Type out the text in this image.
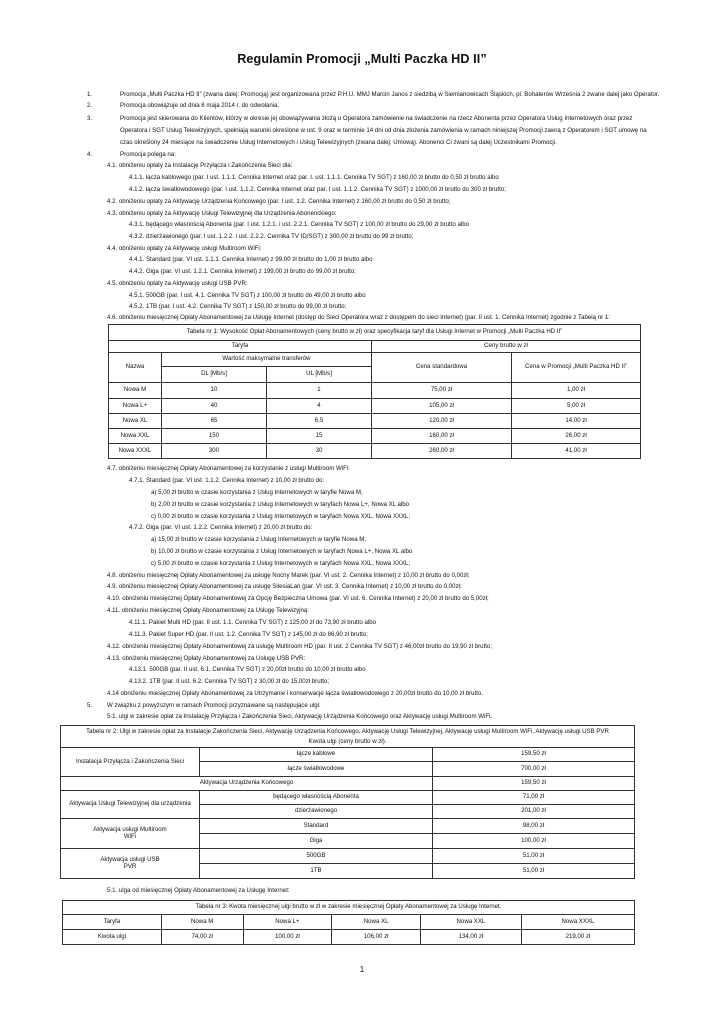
Regulamin Promocji „Multi Paczka HD II”
1.	Promocja „Multi Paczka HD II” (zwana dalej: Promocją) jest organizowana przez P.H.U. MMJ Marcin Janos z siedzibą w Siemianowicach Śląskich, pl. Bohaterów Września 2 zwane dalej jako Operator.
2.	Promocja obowiązuje od dnia 8 maja 2014 r. do odwołania.
3.	Promocja jest skierowana do Klientów, którzy w okresie jej obowiązywania złożą u Operatora zamówienie na świadczenie na rzecz Abonenta przez Operatora Usług Internetowych oraz przez
Operatora i SGT Usług Telewizyjnych, spełniają warunki określone w ust. 9 oraz w terminie 14 dni od dnia złożenia zamówienia w ramach niniejszej Promocji zawrą z Operatorem i SGT umowę na
czas określony 24 miesiące na świadczenie Usług Internetowych i Usług Telewizyjnych (zwana dalej: Umową). Abonenci Ci zwani są dalej Uczestnikami Promocji.
4.	Promocja polega na:
4.1. obniżeniu opłaty za Instalację Przyłącza i Zakończenia Sieci dla:
4.1.1. łącza kablowego (par. I ust. 1.1.1. Cennika Internet oraz par. I. ust. 1.1.1. Cennika TV SGT) z 160,00 zł brutto do 0,50 zł brutto albo
4.1.2. łącza światłowodowego (par. I ust. 1.1.2. Cennika Internet oraz par. I ust. 1.1.2. Cennika TV SGT) z 1000,00 zł brutto do 300 zł brutto;
4.2. obniżeniu opłaty za Aktywację Urządzenia Końcowego (par. I ust. 1.2. Cennika Internet) z 160,00 zł brutto do 0,50 zł brutto;
4.3. obniżeniu opłaty za Aktywację Usługi Telewizyjnej dla Urządzenia Abonenckiego:
4.3.1. będącego własnością Abonenta (par. I ust. 1.2.1. i ust. 2.2.1. Cennika TV SGT) z 100,00 zł brutto do 29,00 zł brutto albo
4.3.2. dzierżawionego (par. I ust. 1.2.2. i ust. 2.2.2. Cennika TV ID/SGT) z 300,00 zł brutto do 99 zł brutto;
4.4. obniżeniu opłaty za Aktywację usługi Multiroom WiFi:
4.4.1. Standard (par. VI ust. 1.1.1. Cennika Internet) z 99,00 zł brutto do 1,00 zł brutto albo
4.4.2. Giga (par. VI ust. 1.2.1. Cennika Internet) z 199,00 zł brutto do 99,00 zł brutto;
4.5. obniżeniu opłaty za Aktywację usługi USB PVR:
4.5.1. 500GB (par. I ust. 4.1. Cennika TV SGT) z 100,00 zł brutto do 49,00 zł brutto albo
4.5.2. 1TB (par. I ust. 4.2. Cennika TV SGT) z 150,00 zł brutto do 99,00 zł brutto;
4.6. obniżeniu miesięcznej Opłaty Abonamentowej za Usługę Internet (dostęp do Sieci Operatora wraz z dostępem do sieci Internet) (par. II ust. 1. Cennika Internet) zgodnie z Tabelą nr 1:
Tabela nr 1: Wysokość Opłat Abonamentowych (ceny brutto w zł) oraz specyfikacja taryf dla Usługi Internet w Promocji „Multi Paczka HD II”				
Taryfa			Ceny brutto w zł	
Nazwa	Wartość maksymalne transferów		Cena standardowa	Cena w Promocji „Multi Paczka HD II”
	DL [Mb/s]	UL [Mb/s]		
Nowa M	10	1	75,00 zł	1,00 zł
Nowa L+	40	4	105,00 zł	5,00 zł
Nowa XL	65	6,5	120,00 zł	14,00 zł
Nowa XXL	150	15	160,00 zł	26,00 zł
Nowa XXXL	300	30	260,00 zł	41,00 zł
4.7. obniżeniu miesięcznej Opłaty Abonamentowej za korzystanie z usługi Multiroom WiFi:
4.7.1. Standard (par. VI ust. 1.1.2. Cennika Internet) z 10,00 zł brutto do:
a) 5,00 zł brutto w czasie korzystania z Usług Internetowych w taryfie Nowa M,
b) 2,00 zł brutto w czasie korzystania z Usług Internetowych w taryfach Nowa L+, Nowa XL albo
c) 0,00 zł brutto w czasie korzystania z Usług Internetowych w taryfach Nowa XXL, Nowa XXXL;
4.7.2. Giga (par. VI ust. 1.2.2. Cennika Internet) z 20,00 zł brutto do:
a) 15,00 zł brutto w czasie korzystania z Usług Internetowych w taryfie Nowa M,
b) 10,00 zł brutto w czasie korzystania z Usług Internetowych w taryfach Nowa L+, Nowa XL albo
c) 5,00 zł brutto w czasie korzystania z Usług Internetowych w taryfach Nowa XXL, Nowa XXXL;
4.8. obniżeniu miesięcznej Opłaty Abonamentowej za usługę Nocny Marek (par. VI ust. 2. Cennika Internet) z 10,00 zł brutto do 0,00zł;
4.9. obniżeniu miesięcznej Opłaty Abonamentowej za usługę SilesiaLan (par. VI ust. 3. Cennika Internet) z 10,00 zł brutto do 0,00zł;
4.10. obniżeniu miesięcznej Opłaty Abonamentowej za Opcję Bezpieczna Umowa (par. VI ust. 6. Cennika Internet) z 20,00 zł brutto do 5,00zł;
4.11. obniżeniu miesięcznej Opłaty Abonamentowej za Usługę Telewizyjną:
4.11.1. Pakiet Multi HD (par. II ust. 1.1. Cennika TV SGT) z 125,00 zł do 73,90 zł brutto albo
4.11.3. Pakiet Super HD (par. II ust. 1.2. Cennika TV SGT) z 145,00 zł do 86,90 zł brutto;
4.12. obniżeniu miesięcznej Opłaty Abonamentowej za usługę Multiroom HD (par. II ust. 2 Cennika TV SGT) z 46,00zł brutto do 19,90 zł brutto;
4.13. obniżeniu miesięcznej Opłaty Abonamentowej za Usługę USB PVR:
4.13.1. 500GB (par. II ust. 6.1. Cennika TV SGT) z 20,00zł brutto do 10,00 zł brutto albo
4.13.2. 1TB (par. II ust. 6.2. Cennika TV SGT) z 30,00 zł do 15,00zł brutto;
4.14 obniżeniu miesięcznej Opłaty Abonamentowej za Utrzymanie i konserwacje łącza światłowodowego z 20,00zł brutto do 10,00 zł brutto.
5. W związku z powyższym w ramach Promocji przyznawane są następujące ulgi:
5.1. ulgi w zakresie opłat za Instalację Przyłącza i Zakończenia Sieci, Aktywację Urządzenia Końcowego oraz Aktywację usługi Multiroom WiFi:
Tabela nr 2: Ulgi w zakresie opłat za Instalacje Zakończenia Sieci, Aktywację Urządzenia Końcowego, Aktywację Usługi Telewizyjnej, Aktywację usługi Multiroom WiFi, Aktywację usługi USB PVR
Kwota ulgi (ceny brutto w zł).		
Instalacja Przyłącza i Zakończenia Sieci	łącze kablowe	159,50 zł
	łącze światłowodowe	700,00 zł
Aktywacja Urządzenia Końcowego		159,50 zł
Aktywacja Usługi Telewizyjnej dla urządzenia	będącego własnością Abonenta	71,00 zł
	dzierżawionego	201,00 zł
Aktywacja usługi Multiroom WiFi	Standard	98,00 zł
	Giga	100,00 zł
Aktywacja usługi USB PVR	500GB	51,00 zł
	1TB	51,00 zł
5.1. ulga od miesięcznej Opłaty Abonamentowej za Usługę Internet:
Tabela nr 3: Kwota miesięcznej ulgi brutto w zł w zakresie miesięcznej Opłaty Abonamentowej za Usługę Internet.					
Taryfa	Nowa M	Nowa L+	Nowa XL	Nowa XXL	Nowa XXXL
Kwota ulgi	74,00 zł	100,00 zł	106,00 zł	134,00 zł	219,00 zł
1
